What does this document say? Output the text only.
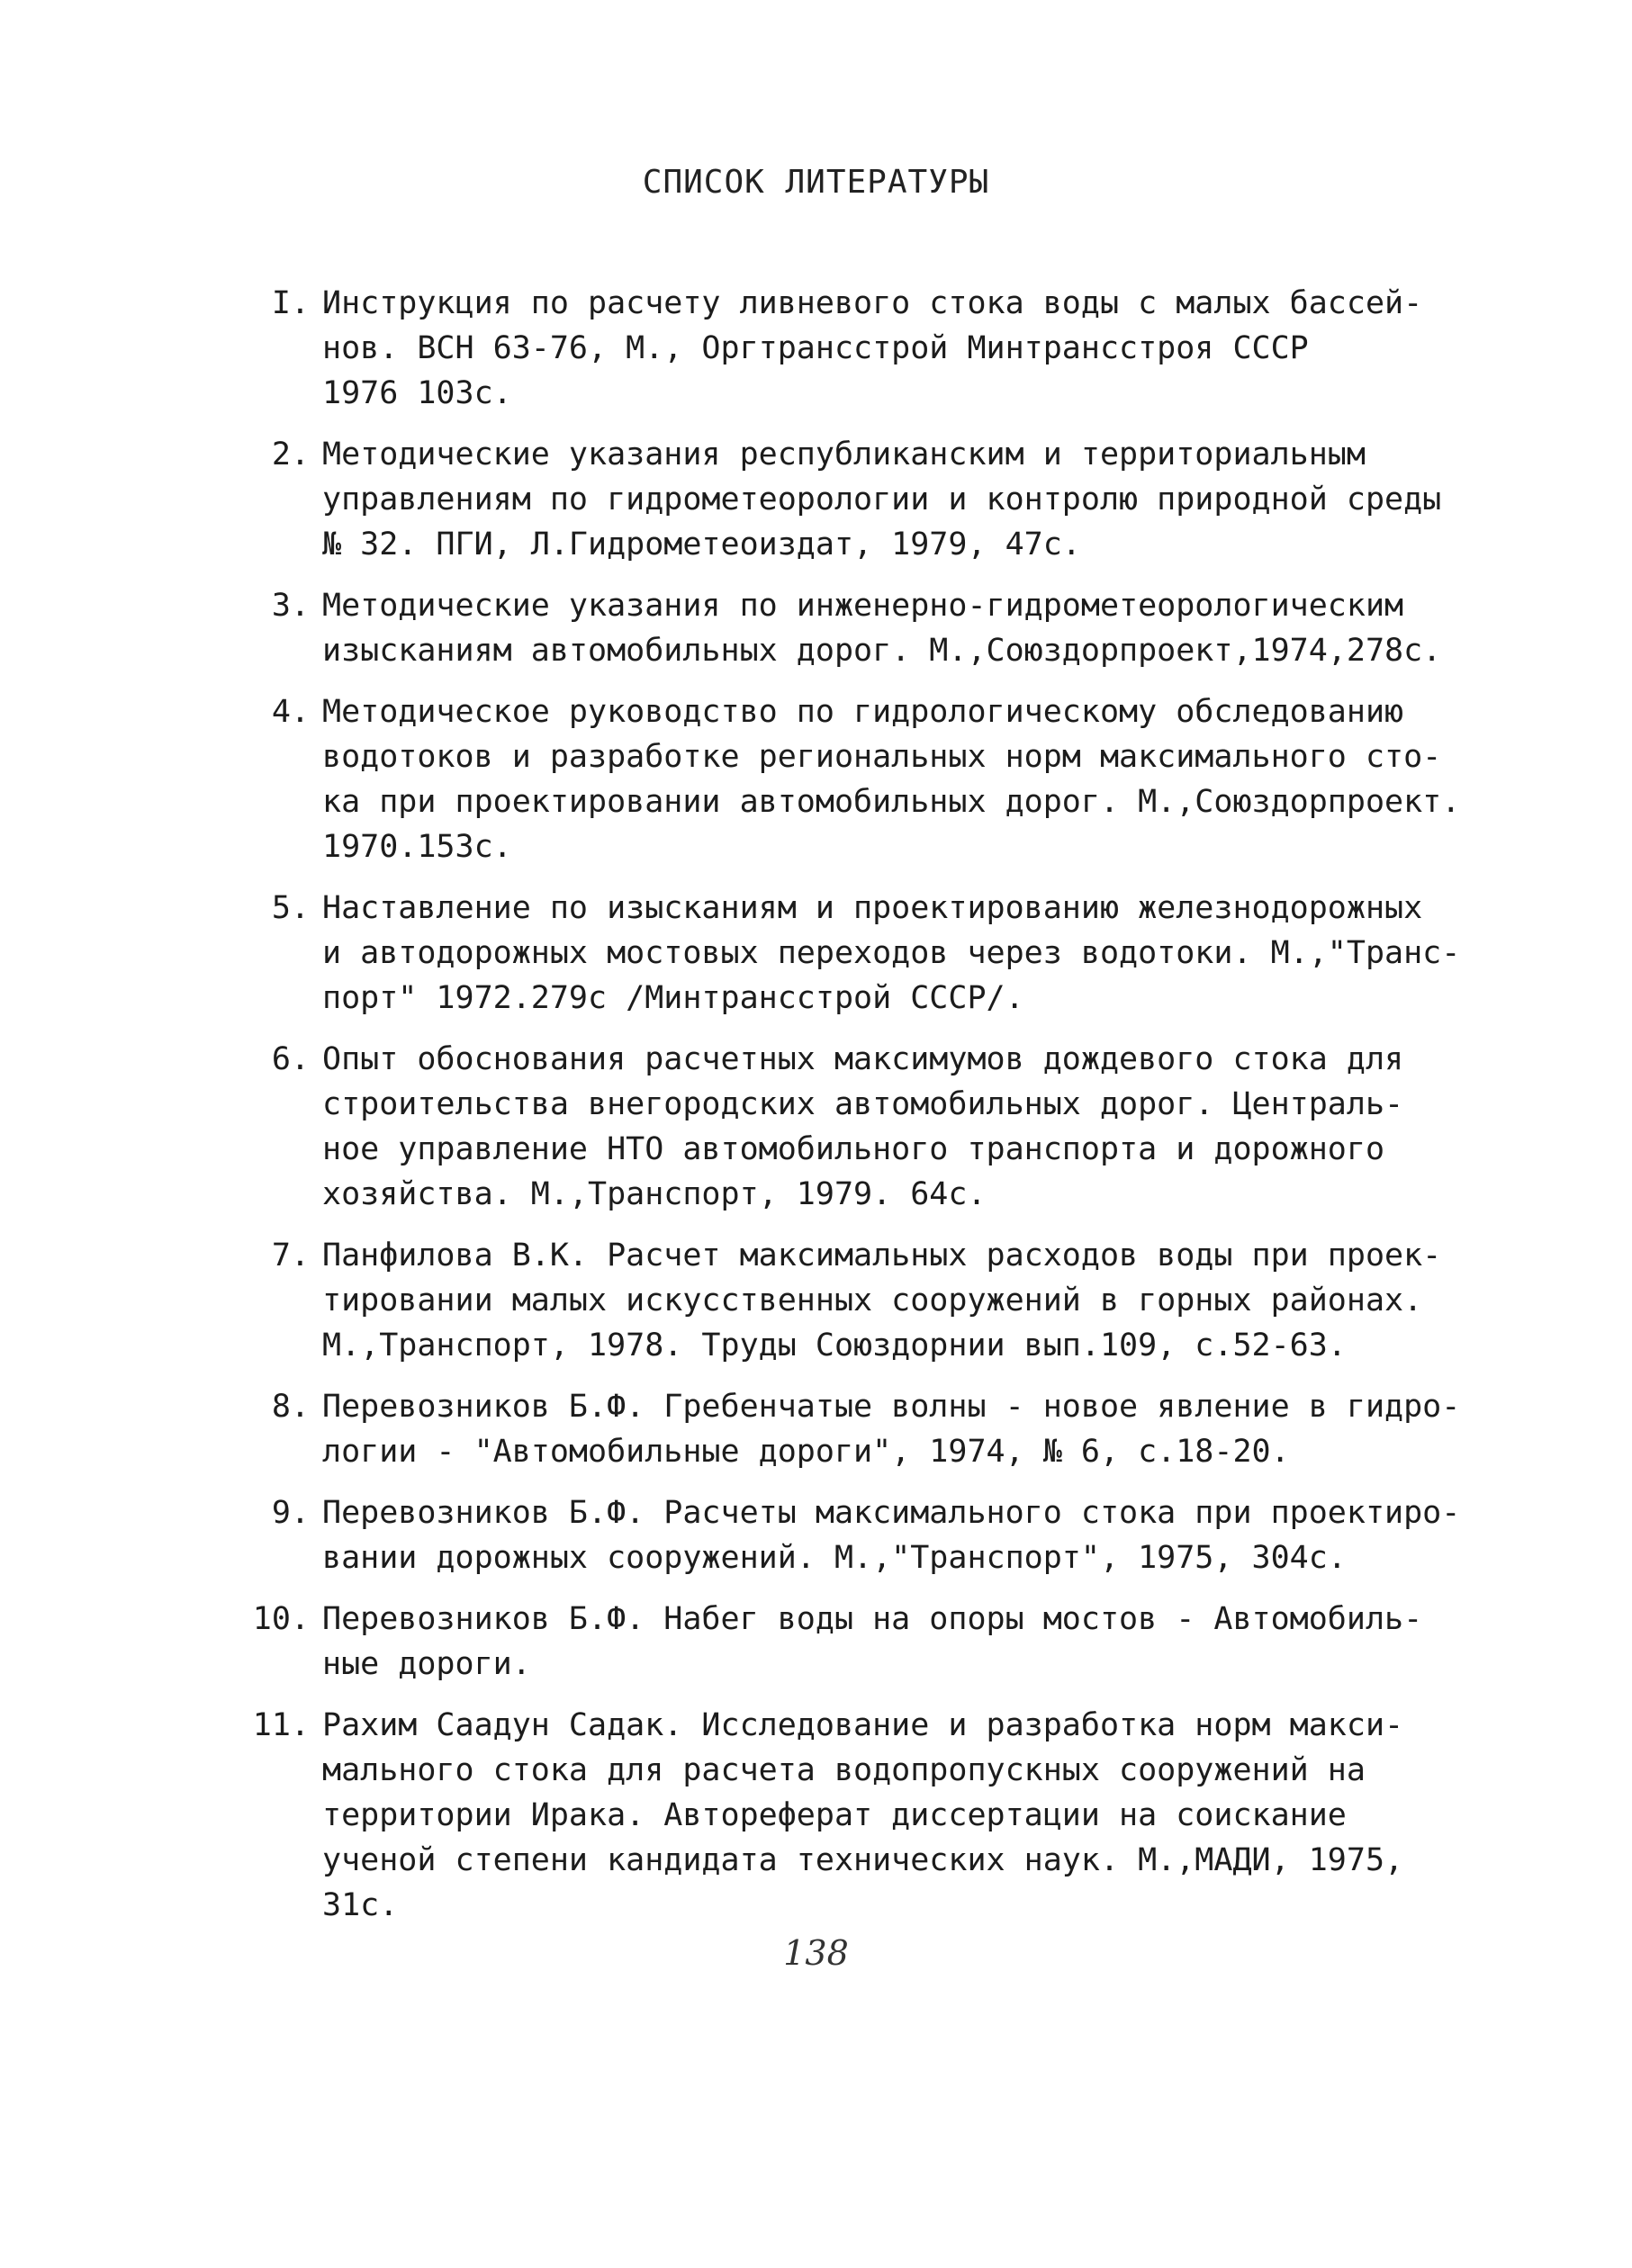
СПИСОК ЛИТЕРАТУРЫ
I. Инструкция по расчету ливневого стока воды с малых бассей-
нов. ВСН 63-76, М., Оргтрансстрой Минтрансстроя СССР
1976 103с.
2. Методические указания республиканским и территориальным
управлениям по гидрометеорологии и контролю природной среды
№ 32. ПГИ, Л.Гидрометеоиздат, 1979, 47с.
3. Методические указания по инженерно-гидрометеорологическим
изысканиям автомобильных дорог. М.,Союздорпроект,1974,278с.
4. Методическое руководство по гидрологическому обследованию
водотоков и разработке региональных норм максимального сто-
ка при проектировании автомобильных дорог. М.,Союздорпроект.
1970.153с.
5. Наставление по изысканиям и проектированию железнодорожных
и автодорожных мостовых переходов через водотоки. М.,"Транс-
порт" 1972.279с /Минтрансстрой СССР/.
6. Опыт обоснования расчетных максимумов дождевого стока для
строительства внегородских автомобильных дорог. Централь-
ное управление НТО автомобильного транспорта и дорожного
хозяйства. М.,Транспорт, 1979. 64с.
7. Панфилова В.К. Расчет максимальных расходов воды при проек-
тировании малых искусственных сооружений в горных районах.
М.,Транспорт, 1978. Труды Союздорнии вып.109, с.52-63.
8. Перевозников Б.Ф. Гребенчатые волны - новое явление в гидро-
логии - "Автомобильные дороги", 1974, № 6, с.18-20.
9. Перевозников Б.Ф. Расчеты максимального стока при проектиро-
вании дорожных сооружений. М.,"Транспорт", 1975, 304с.
10. Перевозников Б.Ф. Набег воды на опоры мостов - Автомобиль-
ные дороги.
11. Рахим Саадун Садак. Исследование и разработка норм макси-
мального стока для расчета водопропускных сооружений на
территории Ирака. Автореферат диссертации на соискание
ученой степени кандидата технических наук. М.,МАДИ, 1975,
31с.
138
